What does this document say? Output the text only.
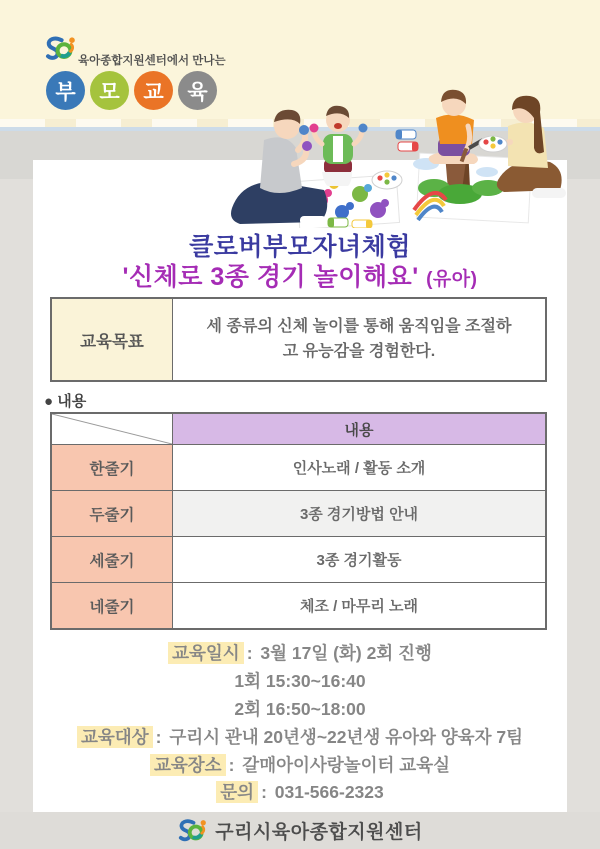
육아종합지원센터에서 만나는
부	모	교	육
클로버부모자녀체험
'신체로 3종 경기 놀이해요' (유아)
교육목표
세 종류의 신체 놀이를 통해 움직임을 조절하고 유능감을 경험한다.
● 내용
내용
한줄기	인사노래 / 활동 소개
두줄기	3종 경기방법 안내
세줄기	3종 경기활동
네줄기	체조 / 마무리 노래
교육일시 : 3월 17일 (화) 2회 진행
1회 15:30~16:40
2회 16:50~18:00
교육대상 : 구리시 관내 20년생~22년생 유아와 양육자 7팀
교육장소 : 갈매아이사랑놀이터 교육실
문의 : 031-566-2323
구리시육아종합지원센터
